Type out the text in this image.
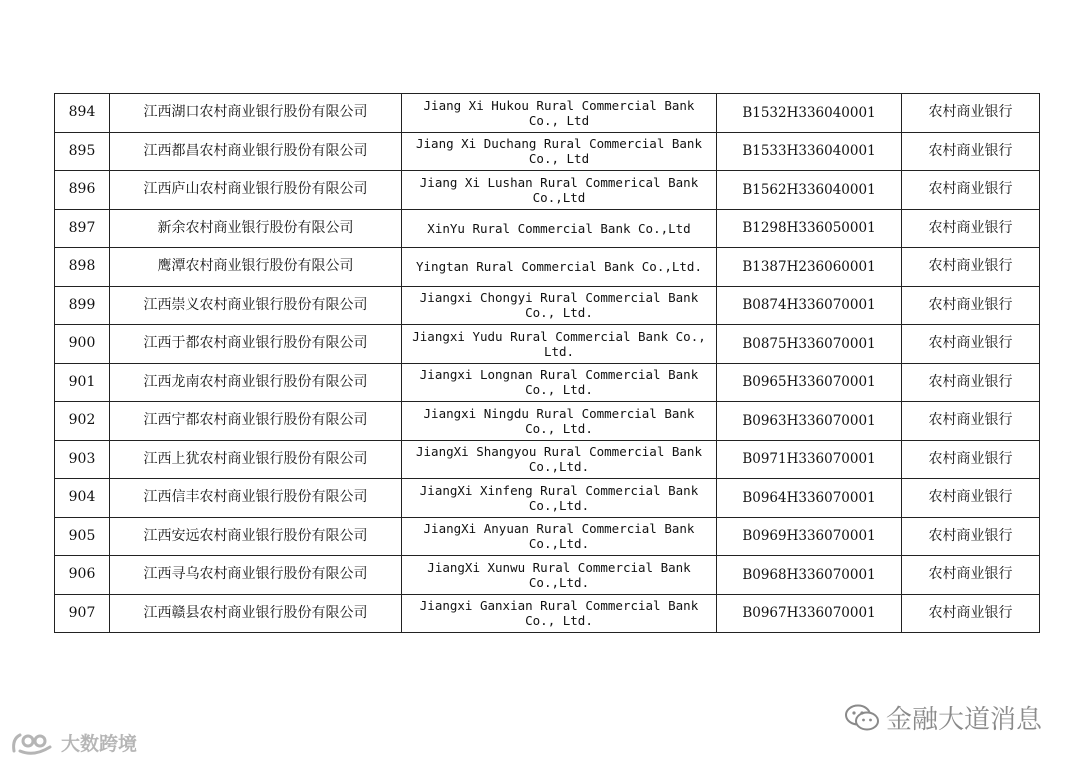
894	江西湖口农村商业银行股份有限公司	Jiang Xi Hukou Rural Commercial Bank
Co., Ltd	B1532H336040001	农村商业银行
895	江西都昌农村商业银行股份有限公司	Jiang Xi Duchang Rural Commercial Bank
Co., Ltd	B1533H336040001	农村商业银行
896	江西庐山农村商业银行股份有限公司	Jiang Xi Lushan Rural Commerical Bank
Co.,Ltd	B1562H336040001	农村商业银行
897	新余农村商业银行股份有限公司	XinYu Rural Commercial Bank Co.,Ltd	B1298H336050001	农村商业银行
898	鹰潭农村商业银行股份有限公司	Yingtan Rural Commercial Bank Co.,Ltd.	B1387H236060001	农村商业银行
899	江西崇义农村商业银行股份有限公司	Jiangxi Chongyi Rural Commercial Bank
Co., Ltd.	B0874H336070001	农村商业银行
900	江西于都农村商业银行股份有限公司	Jiangxi Yudu Rural Commercial Bank Co.,
Ltd.	B0875H336070001	农村商业银行
901	江西龙南农村商业银行股份有限公司	Jiangxi Longnan Rural Commercial Bank
Co., Ltd.	B0965H336070001	农村商业银行
902	江西宁都农村商业银行股份有限公司	Jiangxi Ningdu Rural Commercial Bank
Co., Ltd.	B0963H336070001	农村商业银行
903	江西上犹农村商业银行股份有限公司	JiangXi Shangyou Rural Commercial Bank
Co.,Ltd.	B0971H336070001	农村商业银行
904	江西信丰农村商业银行股份有限公司	JiangXi Xinfeng Rural Commercial Bank
Co.,Ltd.	B0964H336070001	农村商业银行
905	江西安远农村商业银行股份有限公司	JiangXi Anyuan Rural Commercial Bank
Co.,Ltd.	B0969H336070001	农村商业银行
906	江西寻乌农村商业银行股份有限公司	JiangXi Xunwu Rural Commercial Bank
Co.,Ltd.	B0968H336070001	农村商业银行
907	江西赣县农村商业银行股份有限公司	Jiangxi Ganxian Rural Commercial Bank
Co., Ltd.	B0967H336070001	农村商业银行
金融大道消息
大数跨境
